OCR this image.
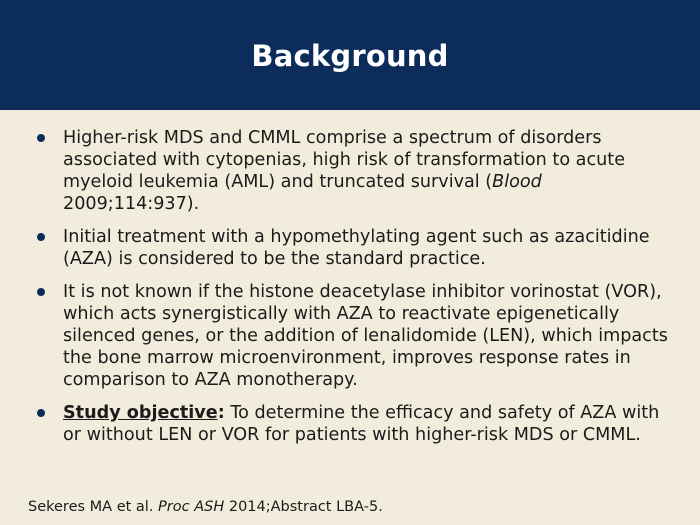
Background
Higher-risk MDS and CMML comprise a spectrum of disorders associated with cytopenias, high risk of transformation to acute myeloid leukemia (AML) and truncated survival (Blood 2009;114:937).
Initial treatment with a hypomethylating agent such as azacitidine (AZA) is considered to be the standard practice.
It is not known if the histone deacetylase inhibitor vorinostat (VOR), which acts synergistically with AZA to reactivate epigenetically silenced genes, or the addition of lenalidomide (LEN), which impacts the bone marrow microenvironment, improves response rates in comparison to AZA monotherapy.
Study objective: To determine the efficacy and safety of AZA with or without LEN or VOR for patients with higher-risk MDS or CMML.
Sekeres MA et al. Proc ASH 2014;Abstract LBA-5.
